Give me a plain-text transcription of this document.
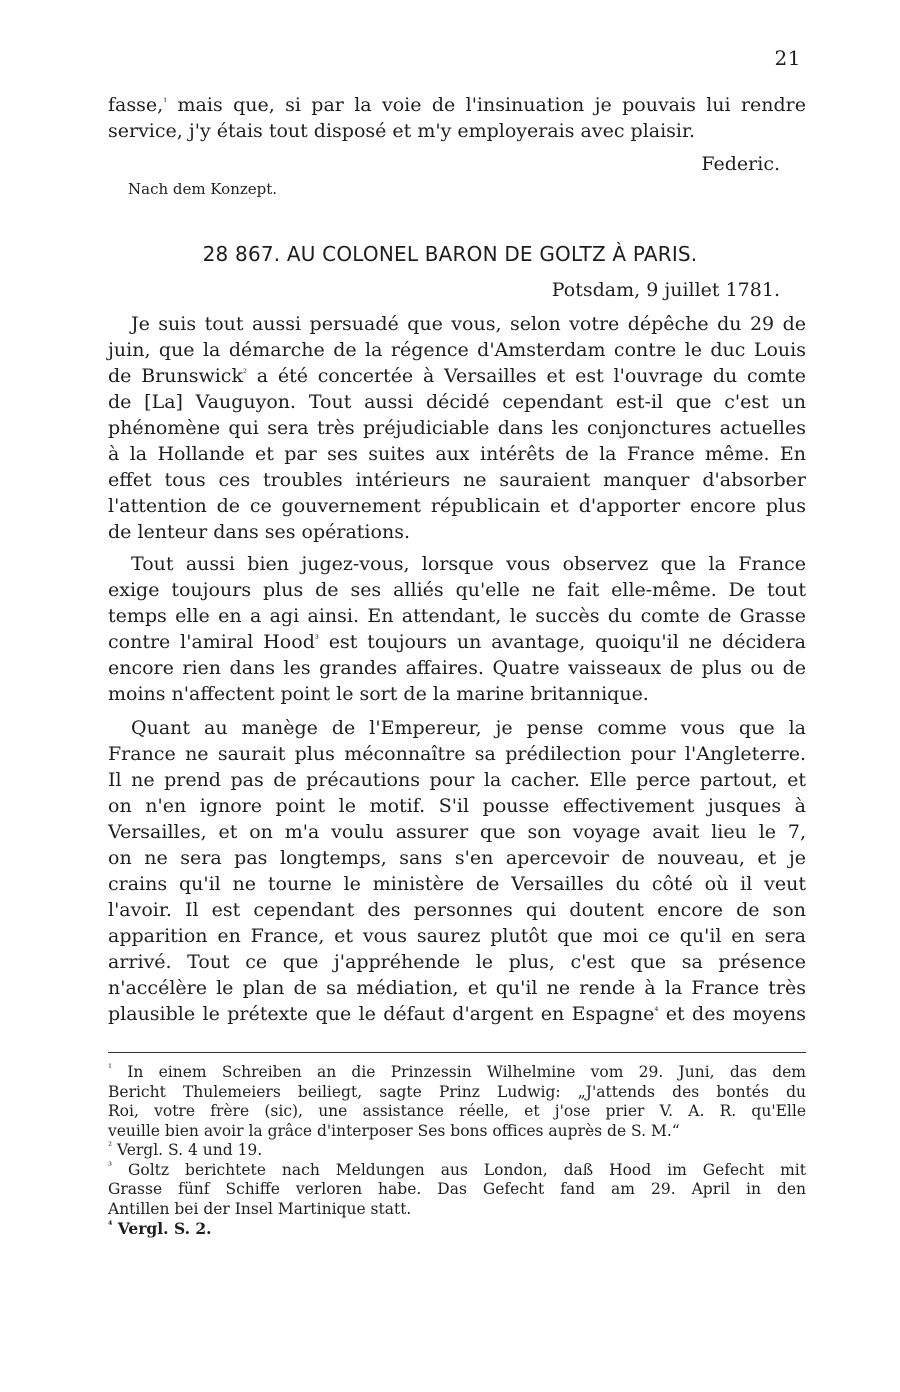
21
fasse,$^{^1}$ mais que, si par la voie de l'insinuation je pouvais lui rendre
service, j'y étais tout disposé et m'y employerais avec plaisir.
Federic.
Nach dem Konzept.
28 867. AU COLONEL BARON DE GOLTZ À PARIS.
Potsdam, 9 juillet 1781.
Je suis tout aussi persuadé que vous, selon votre dépêche du 29 de
juin, que la démarche de la régence d'Amsterdam contre le duc Louis
de Brunswick$^{^2}$ a été concertée à Versailles et est l'ouvrage du comte
de [La] Vauguyon. Tout aussi décidé cependant est-il que c'est un
phénomène qui sera très préjudiciable dans les conjonctures actuelles
à la Hollande et par ses suites aux intérêts de la France même. En
effet tous ces troubles intérieurs ne sauraient manquer d'absorber
l'attention de ce gouvernement républicain et d'apporter encore plus
de lenteur dans ses opérations.
Tout aussi bien jugez-vous, lorsque vous observez que la France
exige toujours plus de ses alliés qu'elle ne fait elle-même. De tout
temps elle en a agi ainsi. En attendant, le succès du comte de Grasse
contre l'amiral Hood$^{^3}$ est toujours un avantage, quoiqu'il ne décidera
encore rien dans les grandes affaires. Quatre vaisseaux de plus ou de
moins n'affectent point le sort de la marine britannique.
Quant au manège de l'Empereur, je pense comme vous que la
France ne saurait plus méconnaître sa prédilection pour l'Angleterre.
Il ne prend pas de précautions pour la cacher. Elle perce partout, et
on n'en ignore point le motif. S'il pousse effectivement jusques à
Versailles, et on m'a voulu assurer que son voyage avait lieu le 7,
on ne sera pas longtemps, sans s'en apercevoir de nouveau, et je
crains qu'il ne tourne le ministère de Versailles du côté où il veut
l'avoir. Il est cependant des personnes qui doutent encore de son
apparition en France, et vous saurez plutôt que moi ce qu'il en sera
arrivé. Tout ce que j'appréhende le plus, c'est que sa présence
n'accélère le plan de sa médiation, et qu'il ne rende à la France très
plausible le prétexte que le défaut d'argent en Espagne$^{^4}$ et des moyens
$^{^1}$ In einem Schreiben an die Prinzessin Wilhelmine vom 29. Juni, das dem
Bericht Thulemeiers beiliegt, sagte Prinz Ludwig: „J'attends des bontés du
Roi, votre frère (sic), une assistance réelle, et j'ose prier V. A. R. qu'Elle
veuille bien avoir la grâce d'interposer Ses bons offices auprès de S. M.“
$^{^2}$ Vergl. S. 4 und 19.
$^{^3}$ Goltz berichtete nach Meldungen aus London, daß Hood im Gefecht mit
Grasse fünf Schiffe verloren habe. Das Gefecht fand am 29. April in den
Antillen bei der Insel Martinique statt.
$^{^4}$ Vergl. S. 2.
